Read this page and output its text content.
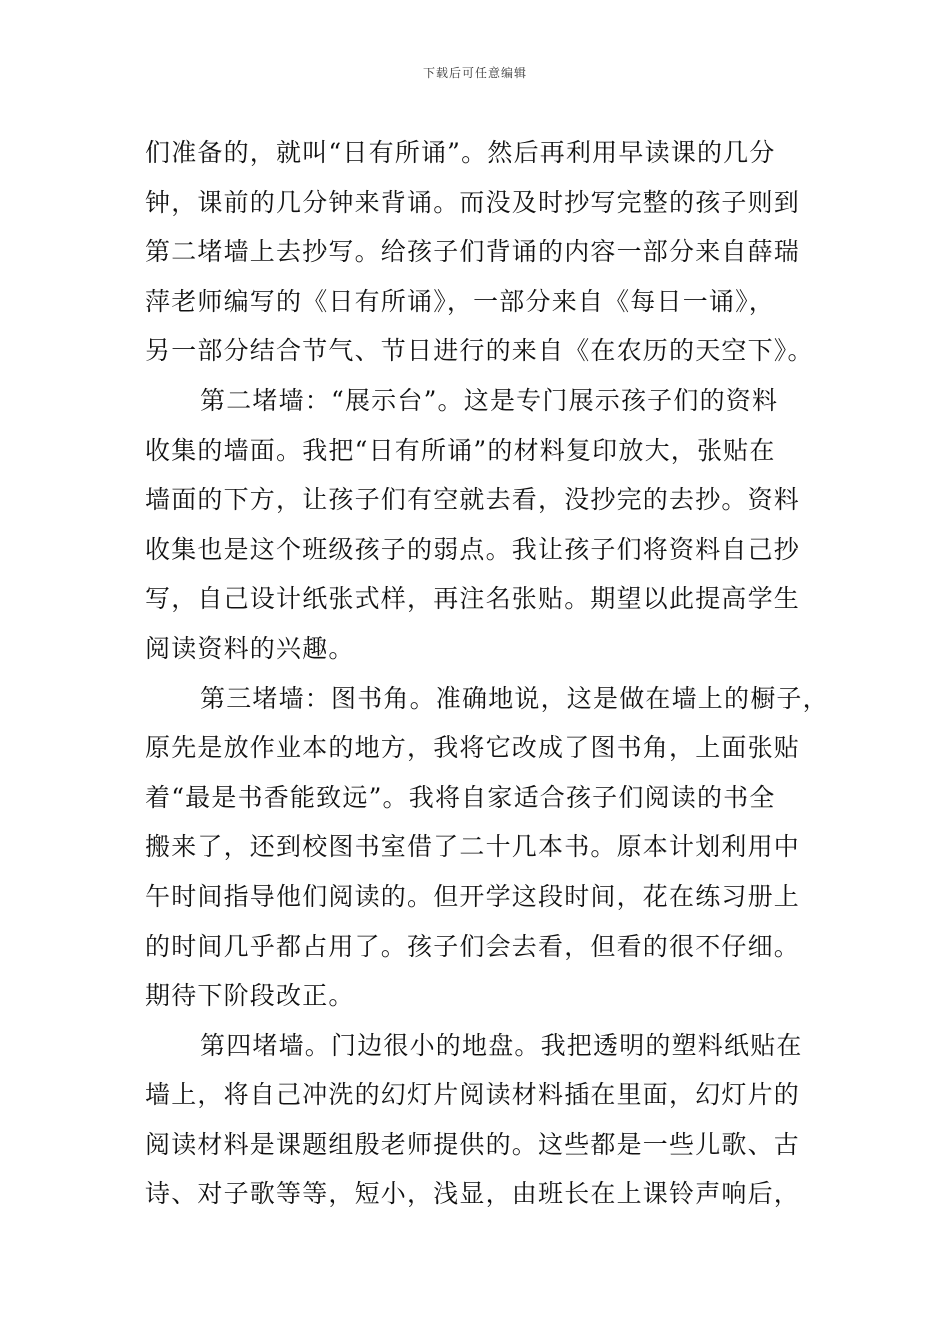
下载后可任意编辑
们准备的，就叫“日有所诵”。然后再利用早读课的几分
钟，课前的几分钟来背诵。而没及时抄写完整的孩子则到
第二堵墙上去抄写。给孩子们背诵的内容一部分来自薛瑞
萍老师编写的《日有所诵》，一部分来自《每日一诵》，
另一部分结合节气、节日进行的来自《在农历的天空下》。
第二堵墙：“展示台”。这是专门展示孩子们的资料
收集的墙面。我把“日有所诵”的材料复印放大，张贴在
墙面的下方，让孩子们有空就去看，没抄完的去抄。资料
收集也是这个班级孩子的弱点。我让孩子们将资料自己抄
写，自己设计纸张式样，再注名张贴。期望以此提高学生
阅读资料的兴趣。
第三堵墙：图书角。准确地说，这是做在墙上的橱子，
原先是放作业本的地方，我将它改成了图书角，上面张贴
着“最是书香能致远”。我将自家适合孩子们阅读的书全
搬来了，还到校图书室借了二十几本书。原本计划利用中
午时间指导他们阅读的。但开学这段时间，花在练习册上
的时间几乎都占用了。孩子们会去看，但看的很不仔细。
期待下阶段改正。
第四堵墙。门边很小的地盘。我把透明的塑料纸贴在
墙上，将自己冲洗的幻灯片阅读材料插在里面，幻灯片的
阅读材料是课题组殷老师提供的。这些都是一些儿歌、古
诗、对子歌等等，短小，浅显，由班长在上课铃声响后，
